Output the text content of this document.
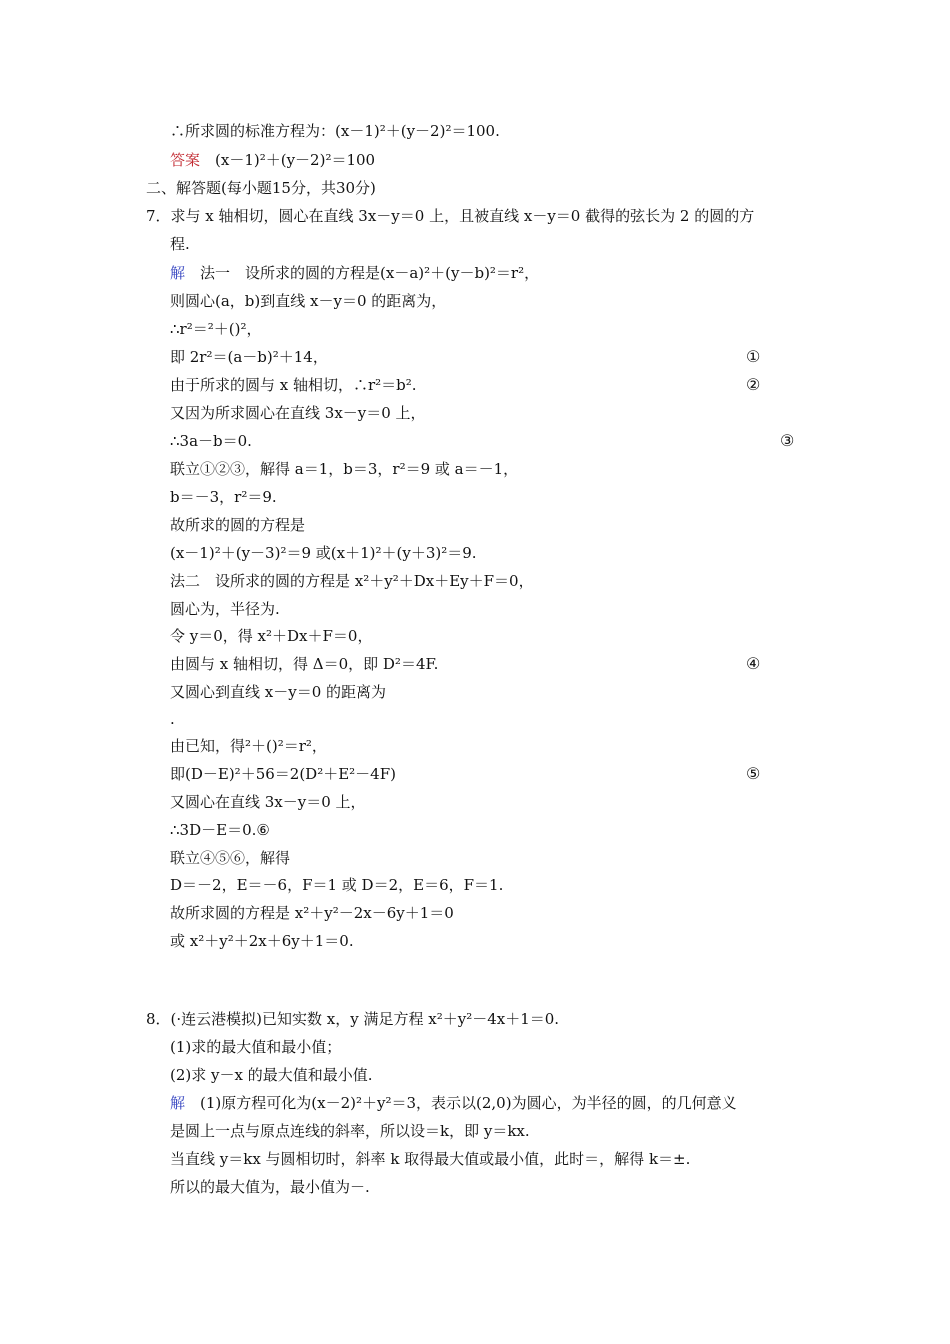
∴所求圆的标准方程为：(x－1)²＋(y－2)²＝100.
答案　(x－1)²＋(y－2)²＝100
二、解答题(每小题15分，共30分)
7．求与 x 轴相切，圆心在直线 3x－y＝0 上，且被直线 x－y＝0 截得的弦长为 2 的圆的方
程.
解　法一　设所求的圆的方程是(x－a)²＋(y－b)²＝r²，
则圆心(a，b)到直线 x－y＝0 的距离为，
∴r²＝²＋()²，
即 2r²＝(a－b)²＋14，
由于所求的圆与 x 轴相切，∴r²＝b².
又因为所求圆心在直线 3x－y＝0 上，
∴3a－b＝0.
联立①②③，解得 a＝1，b＝3，r²＝9 或 a＝－1，
b＝－3，r²＝9.
故所求的圆的方程是
(x－1)²＋(y－3)²＝9 或(x＋1)²＋(y＋3)²＝9.
法二　设所求的圆的方程是 x²＋y²＋Dx＋Ey＋F＝0，
圆心为，半径为.
令 y＝0，得 x²＋Dx＋F＝0，
由圆与 x 轴相切，得 Δ＝0，即 D²＝4F.
又圆心到直线 x－y＝0 的距离为
.
由已知，得²＋()²＝r²，
即(D－E)²＋56＝2(D²＋E²－4F)
又圆心在直线 3x－y＝0 上，
∴3D－E＝0.⑥
联立④⑤⑥，解得
D＝－2，E＝－6，F＝1 或 D＝2，E＝6，F＝1.
故所求圆的方程是 x²＋y²－2x－6y＋1＝0
或 x²＋y²＋2x＋6y＋1＝0.
8．(·连云港模拟)已知实数 x，y 满足方程 x²＋y²－4x＋1＝0.
(1)求的最大值和最小值；
(2)求 y－x 的最大值和最小值.
解　(1)原方程可化为(x－2)²＋y²＝3，表示以(2,0)为圆心，为半径的圆，的几何意义
是圆上一点与原点连线的斜率，所以设＝k，即 y＝kx.
当直线 y＝kx 与圆相切时，斜率 k 取得最大值或最小值，此时＝，解得 k＝±.
所以的最大值为，最小值为－.
①
②
③
④
⑤
